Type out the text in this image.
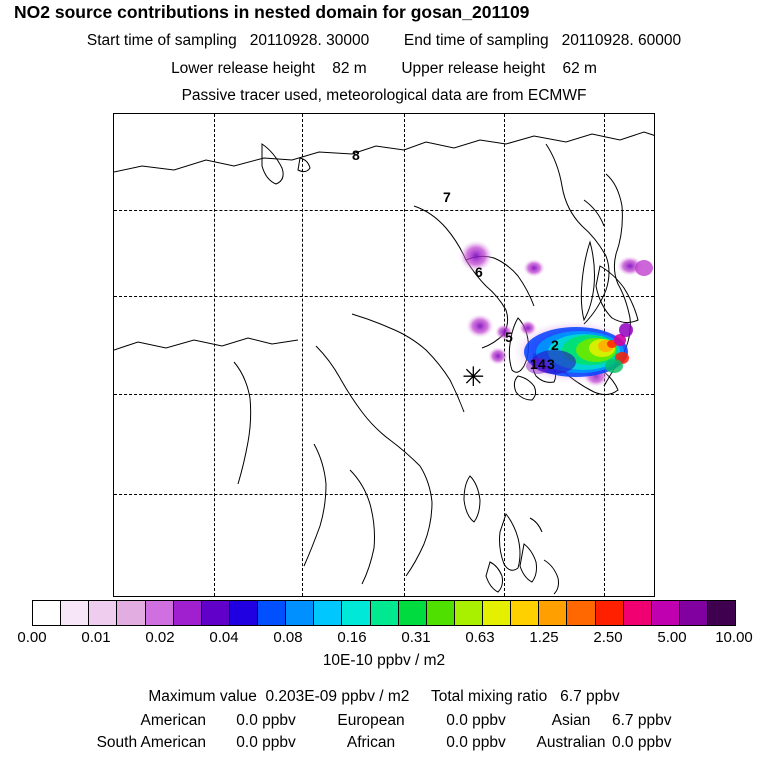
NO2 source contributions in nested domain for gosan_201109
Start time of sampling 20110928. 30000 End time of sampling 20110928. 60000
Lower release height 82 m Upper release height 62 m
Passive tracer used, meteorological data are from ECMWF
8
7
6
5	2
1 4 3
✳
0.00	0.01	0.02	0.04	0.08	0.16	0.31	0.63	1.25	2.50	5.00	10.00
10E-10 ppbv / m2
Maximum value
0.203E-09 ppbv / m2
Total mixing ratio
6.7 ppbv
American	0.0 ppbv	European	0.0 ppbv	Asian	6.7 ppbv
South American	0.0 ppbv	African	0.0 ppbv	Australian 0.0 ppbv
